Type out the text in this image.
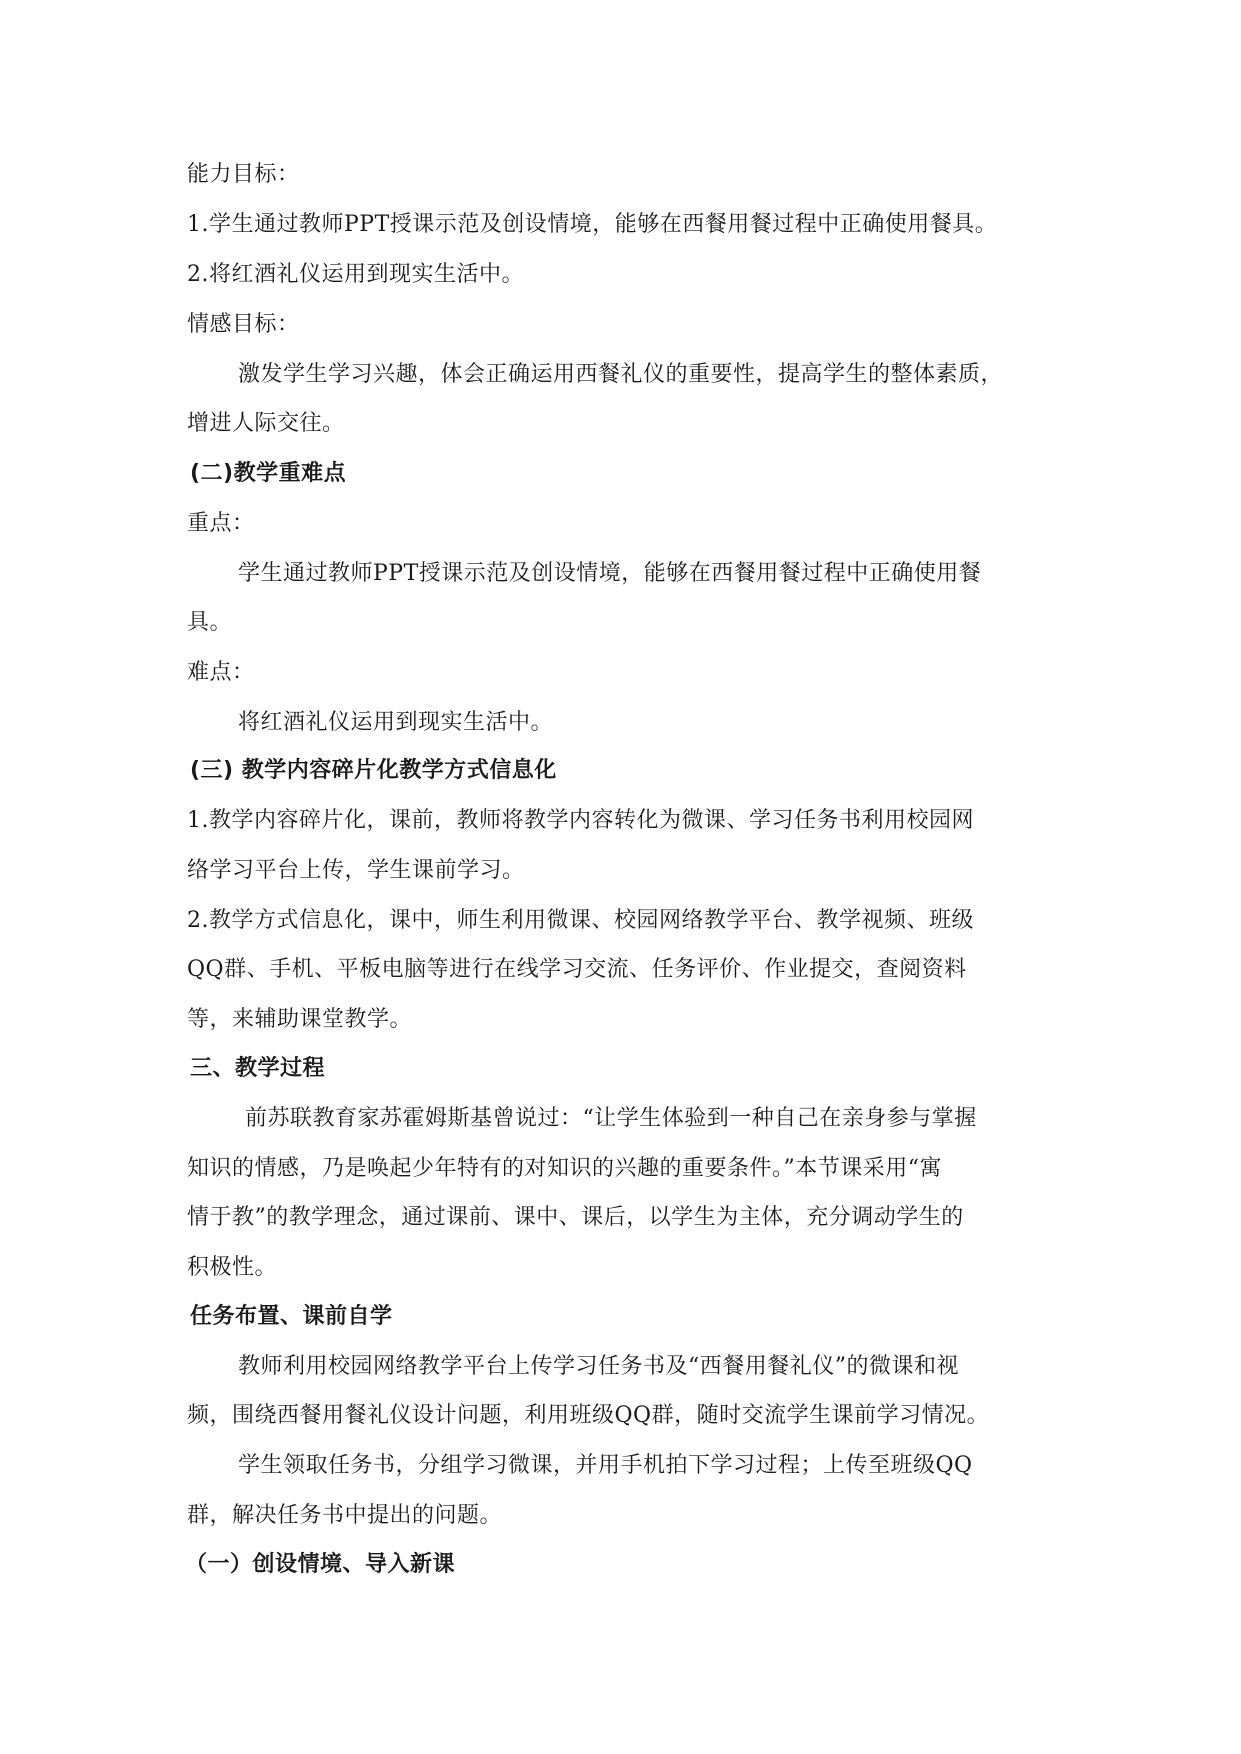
能力目标：

1.学生通过教师PPT授课示范及创设情境，能够在西餐用餐过程中正确使用餐具。

2.将红酒礼仪运用到现实生活中。

情感目标：

激发学生学习兴趣，体会正确运用西餐礼仪的重要性，提高学生的整体素质，

增进人际交往。

(二)教学重难点

重点：

学生通过教师PPT授课示范及创设情境，能够在西餐用餐过程中正确使用餐

具。

难点：

将红酒礼仪运用到现实生活中。

(三) 教学内容碎片化教学方式信息化

1.教学内容碎片化，课前，教师将教学内容转化为微课、学习任务书利用校园网

络学习平台上传，学生课前学习。

2.教学方式信息化，课中，师生利用微课、校园网络教学平台、教学视频、班级

QQ群、手机、平板电脑等进行在线学习交流、任务评价、作业提交，查阅资料

等，来辅助课堂教学。

三、教学过程

前苏联教育家苏霍姆斯基曾说过：“让学生体验到一种自己在亲身参与掌握

知识的情感，乃是唤起少年特有的对知识的兴趣的重要条件。”本节课采用“寓

情于教”的教学理念，通过课前、课中、课后，以学生为主体，充分调动学生的

积极性。

任务布置、课前自学

教师利用校园网络教学平台上传学习任务书及“西餐用餐礼仪”的微课和视

频，围绕西餐用餐礼仪设计问题，利用班级QQ群，随时交流学生课前学习情况。

学生领取任务书，分组学习微课，并用手机拍下学习过程；上传至班级QQ

群，解决任务书中提出的问题。

（一）创设情境、导入新课
